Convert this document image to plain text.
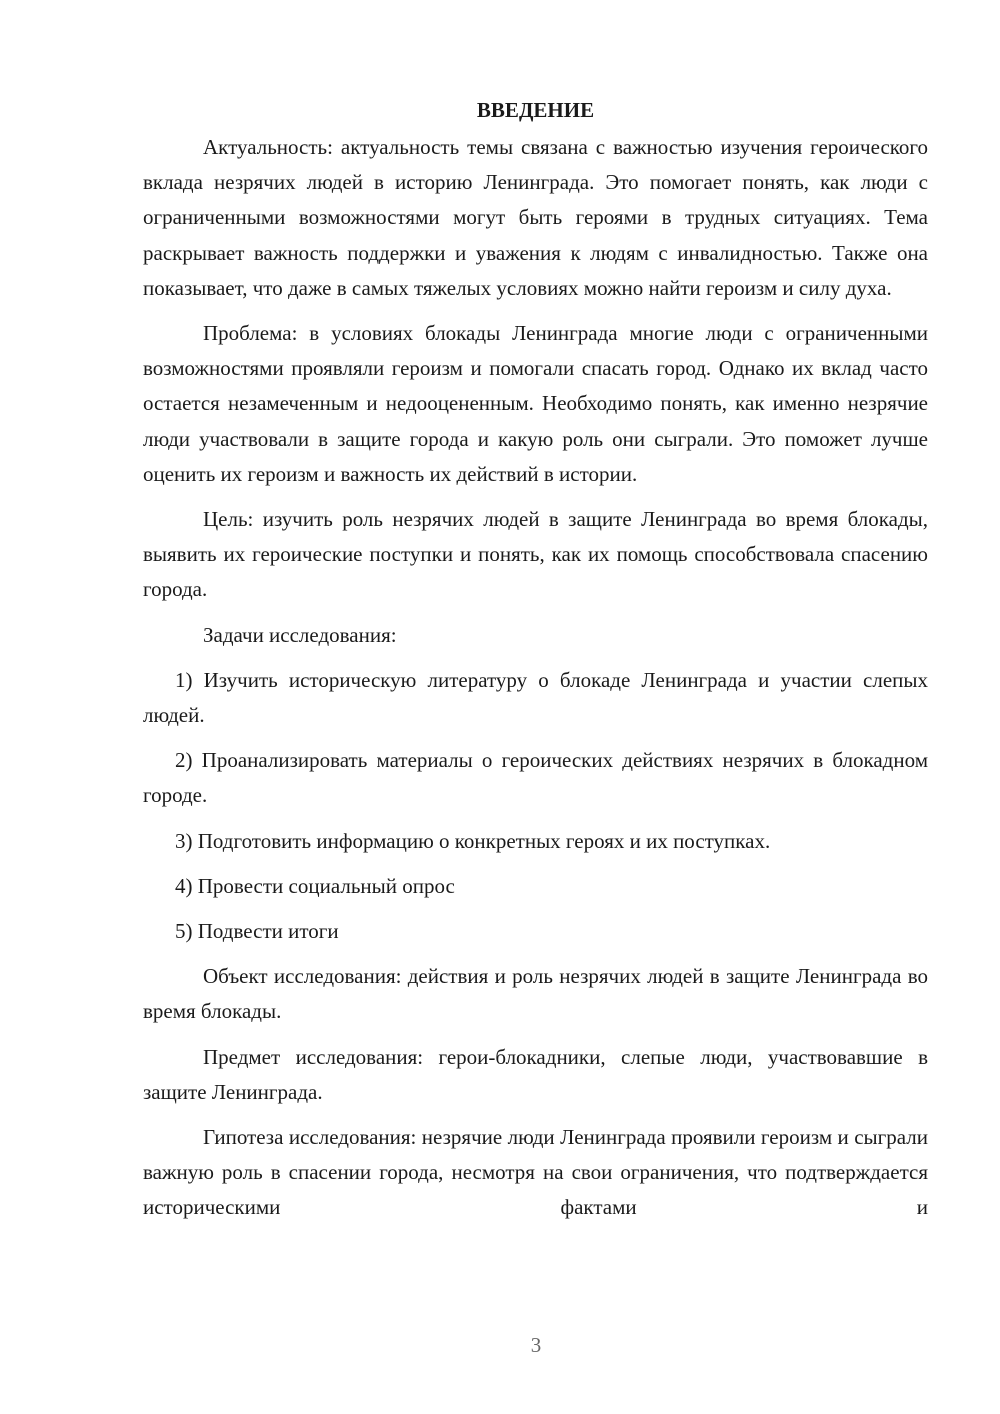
ВВЕДЕНИЕ

Актуальность: актуальность темы связана с важностью изучения героического вклада незрячих людей в историю Ленинграда. Это помогает понять, как люди с ограниченными возможностями могут быть героями в трудных ситуациях. Тема раскрывает важность поддержки и уважения к людям с инвалидностью. Также она показывает, что даже в самых тяжелых условиях можно найти героизм и силу духа.

Проблема: в условиях блокады Ленинграда многие люди с ограниченными возможностями проявляли героизм и помогали спасать город. Однако их вклад часто остается незамеченным и недооцененным. Необходимо понять, как именно незрячие люди участвовали в защите города и какую роль они сыграли. Это поможет лучше оценить их героизм и важность их действий в истории.

Цель: изучить роль незрячих людей в защите Ленинграда во время блокады, выявить их героические поступки и понять, как их помощь способствовала спасению города.

Задачи исследования:

1) Изучить историческую литературу о блокаде Ленинграда и участии слепых людей.

2) Проанализировать материалы о героических действиях незрячих в блокадном городе.

3) Подготовить информацию о конкретных героях и их поступках.

4) Провести социальный опрос

5) Подвести итоги

Объект исследования: действия и роль незрячих людей в защите Ленинграда во время блокады.

Предмет исследования: герои-блокадники, слепые люди, участвовавшие в защите Ленинграда.

Гипотеза исследования: незрячие люди Ленинграда проявили героизм и сыграли важную роль в спасении города, несмотря на свои ограничения, что подтверждается историческими фактами и

3
